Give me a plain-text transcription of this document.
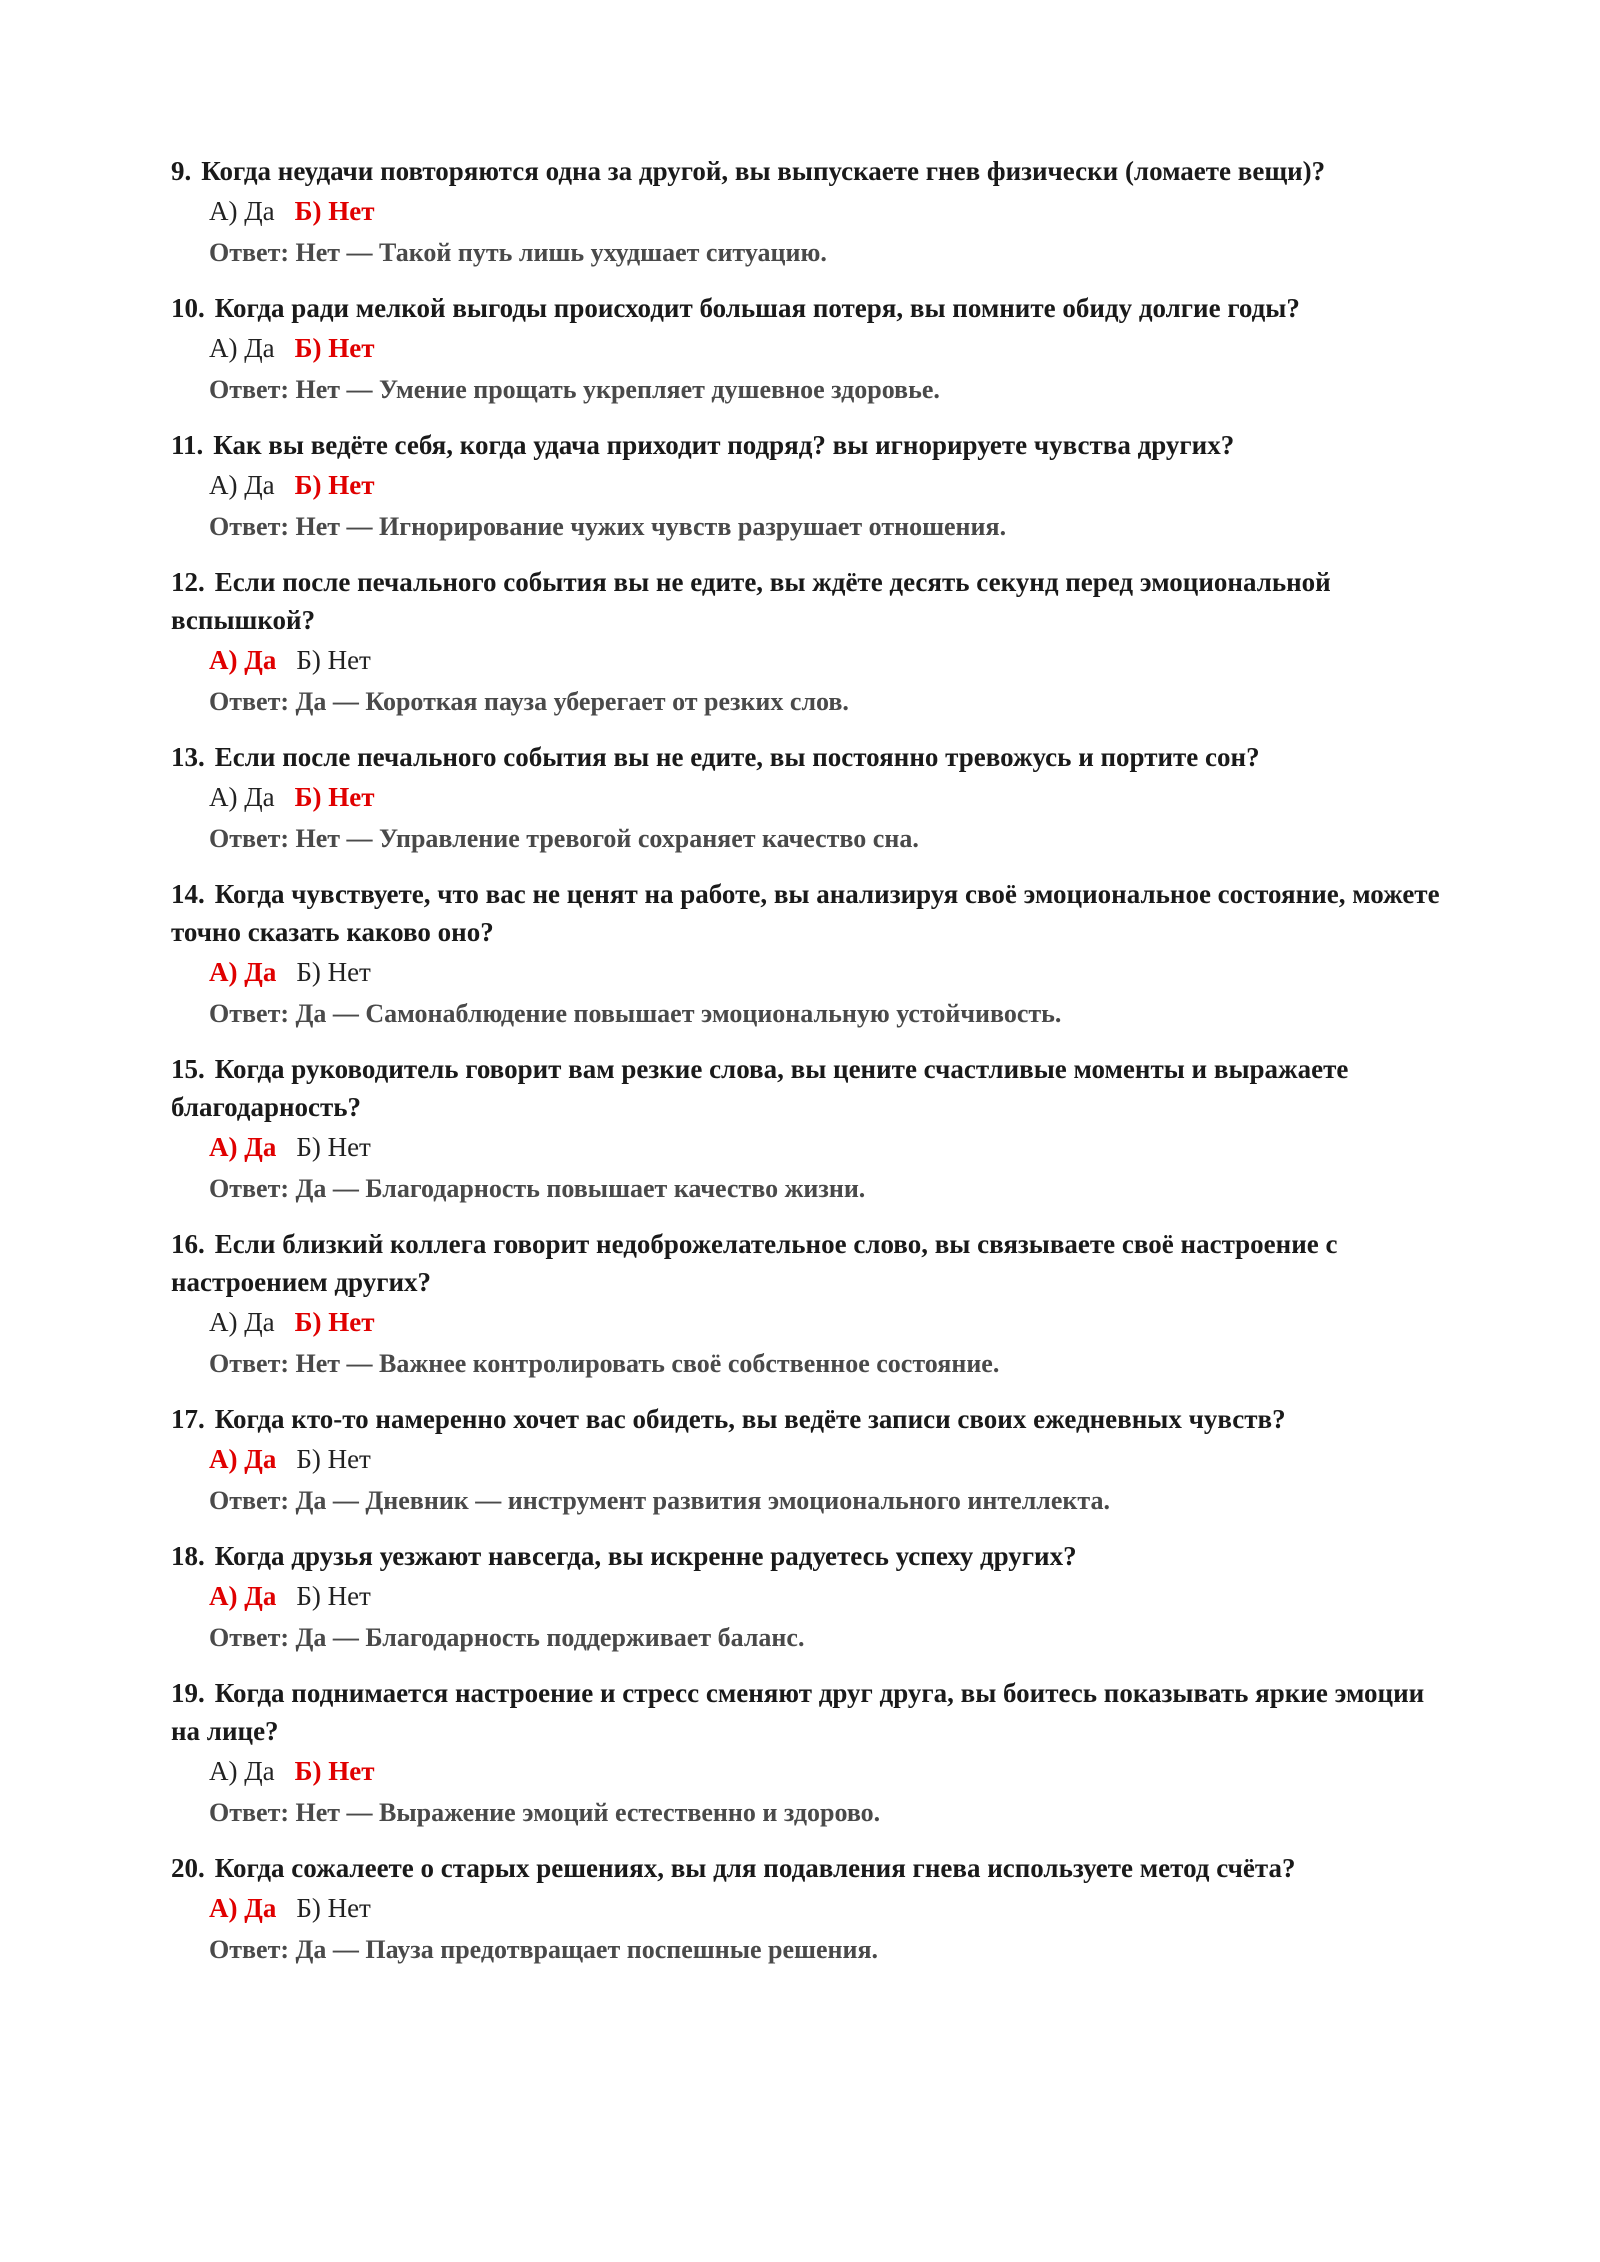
9. Когда неудачи повторяются одна за другой, вы выпускаете гнев физически (ломаете вещи)?
А) Да Б) Нет
Ответ: Нет — Такой путь лишь ухудшает ситуацию.
10. Когда ради мелкой выгоды происходит большая потеря, вы помните обиду долгие годы?
А) Да Б) Нет
Ответ: Нет — Умение прощать укрепляет душевное здоровье.
11. Как вы ведёте себя, когда удача приходит подряд? вы игнорируете чувства других?
А) Да Б) Нет
Ответ: Нет — Игнорирование чужих чувств разрушает отношения.
12. Если после печального события вы не едите, вы ждёте десять секунд перед эмоциональной вспышкой?
А) Да Б) Нет
Ответ: Да — Короткая пауза уберегает от резких слов.
13. Если после печального события вы не едите, вы постоянно тревожусь и портите сон?
А) Да Б) Нет
Ответ: Нет — Управление тревогой сохраняет качество сна.
14. Когда чувствуете, что вас не ценят на работе, вы анализируя своё эмоциональное состояние, можете точно сказать каково оно?
А) Да Б) Нет
Ответ: Да — Самонаблюдение повышает эмоциональную устойчивость.
15. Когда руководитель говорит вам резкие слова, вы цените счастливые моменты и выражаете благодарность?
А) Да Б) Нет
Ответ: Да — Благодарность повышает качество жизни.
16. Если близкий коллега говорит недоброжелательное слово, вы связываете своё настроение с настроением других?
А) Да Б) Нет
Ответ: Нет — Важнее контролировать своё собственное состояние.
17. Когда кто-то намеренно хочет вас обидеть, вы ведёте записи своих ежедневных чувств?
А) Да Б) Нет
Ответ: Да — Дневник — инструмент развития эмоционального интеллекта.
18. Когда друзья уезжают навсегда, вы искренне радуетесь успеху других?
А) Да Б) Нет
Ответ: Да — Благодарность поддерживает баланс.
19. Когда поднимается настроение и стресс сменяют друг друга, вы боитесь показывать яркие эмоции на лице?
А) Да Б) Нет
Ответ: Нет — Выражение эмоций естественно и здорово.
20. Когда сожалеете о старых решениях, вы для подавления гнева используете метод счёта?
А) Да Б) Нет
Ответ: Да — Пауза предотвращает поспешные решения.
